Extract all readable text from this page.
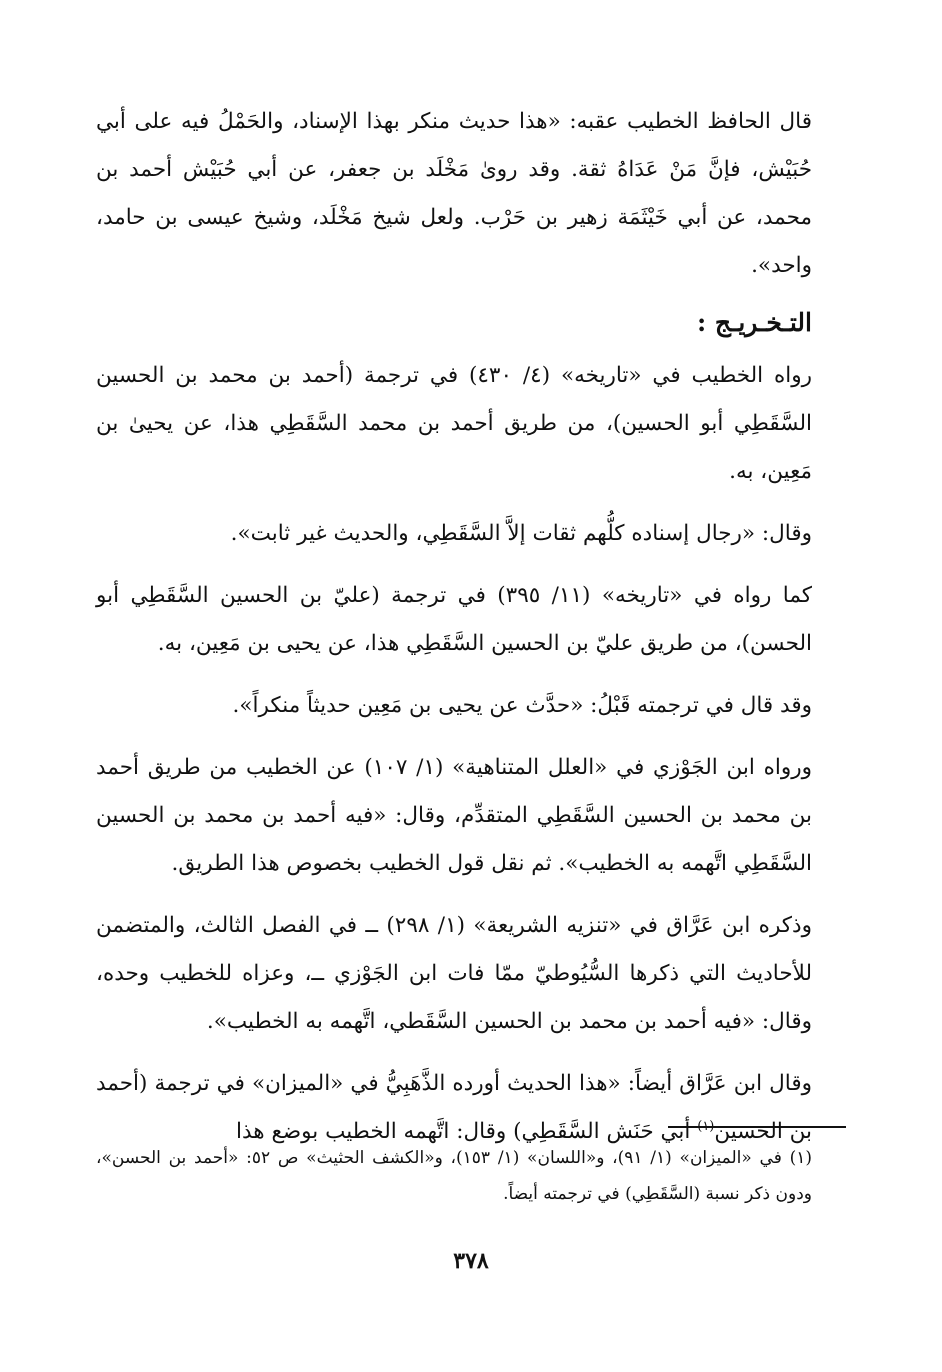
قال الحافظ الخطيب عقبه: «هذا حديث منكر بهذا الإسناد، والحَمْلُ فيه على أبي حُبَيْش، فإنَّ مَنْ عَدَاهُ ثقة. وقد روىٰ مَخْلَد بن جعفر، عن أبي حُبَيْش أحمد بن محمد، عن أبي خَيْثَمَة زهير بن حَرْب. ولعل شيخ مَخْلَد، وشيخ عيسى بن حامد، واحد».

التـخـريـج :

رواه الخطيب في «تاريخه» (٤/ ٤٣٠) في ترجمة (أحمد بن محمد بن الحسين السَّقَطِي أبو الحسين)، من طريق أحمد بن محمد السَّقَطِي هذا، عن يحيىٰ بن مَعِين، به.

وقال: «رجال إسناده كلُّهم ثقات إلاَّ السَّقَطِي، والحديث غير ثابت».

كما رواه في «تاريخه» (١١/ ٣٩٥) في ترجمة (عليّ بن الحسين السَّقَطِي أبو الحسن)، من طريق عليّ بن الحسين السَّقَطِي هذا، عن يحيى بن مَعِين، به.

وقد قال في ترجمته قَبْلُ: «حدَّث عن يحيى بن مَعِين حديثاً منكراً».

ورواه ابن الجَوْزي في «العلل المتناهية» (١/ ١٠٧) عن الخطيب من طريق أحمد بن محمد بن الحسين السَّقَطِي المتقدِّم، وقال: «فيه أحمد بن محمد بن الحسين السَّقَطِي اتَّهمه به الخطيب». ثم نقل قول الخطيب بخصوص هذا الطريق.

وذكره ابن عَرَّاق في «تنزيه الشريعة» (١/ ٢٩٨) ــ في الفصل الثالث، والمتضمن للأحاديث التي ذكرها السُّيُوطيّ ممّا فات ابن الجَوْزي ــ، وعزاه للخطيب وحده، وقال: «فيه أحمد بن محمد بن الحسين السَّقَطي، اتَّهمه به الخطيب».

وقال ابن عَرَّاق أيضاً: «هذا الحديث أورده الذَّهَبِيُّ في «الميزان» في ترجمة (أحمد بن الحسين$^{(١)}$ أبي حَنَش السَّقَطِي) وقال: اتَّهمه الخطيب بوضع هذا

(١) في «الميزان» (١/ ٩١)، و«اللسان» (١/ ١٥٣)، و«الكشف الحثيث» ص ٥٢: «أحمد بن الحسن»، ودون ذكر نسبة (السَّقَطِي) في ترجمته أيضاً.
٣٧٨
